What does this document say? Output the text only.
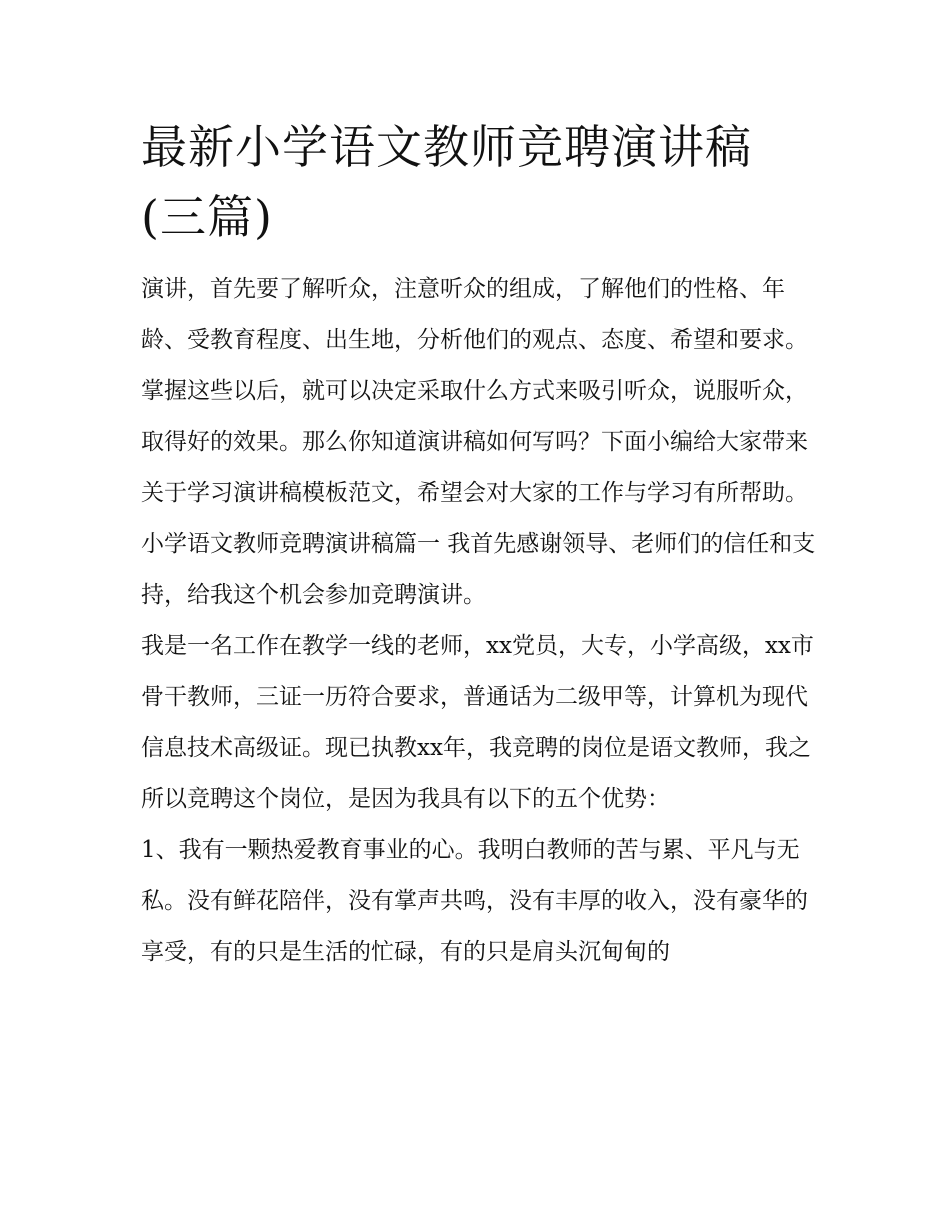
最新小学语文教师竞聘演讲稿(三篇)

演讲，首先要了解听众，注意听众的组成，了解他们的性格、年龄、受教育程度、出生地，分析他们的观点、态度、希望和要求。掌握这些以后，就可以决定采取什么方式来吸引听众，说服听众，取得好的效果。那么你知道演讲稿如何写吗？下面小编给大家带来关于学习演讲稿模板范文，希望会对大家的工作与学习有所帮助。

小学语文教师竞聘演讲稿篇一 我首先感谢领导、老师们的信任和支持，给我这个机会参加竞聘演讲。

我是一名工作在教学一线的老师，xx党员，大专，小学高级，xx市骨干教师，三证一历符合要求，普通话为二级甲等，计算机为现代信息技术高级证。现已执教xx年，我竞聘的岗位是语文教师，我之所以竞聘这个岗位，是因为我具有以下的五个优势：

1、我有一颗热爱教育事业的心。我明白教师的苦与累、平凡与无私。没有鲜花陪伴，没有掌声共鸣，没有丰厚的收入，没有豪华的享受，有的只是生活的忙碌，有的只是肩头沉甸甸的
